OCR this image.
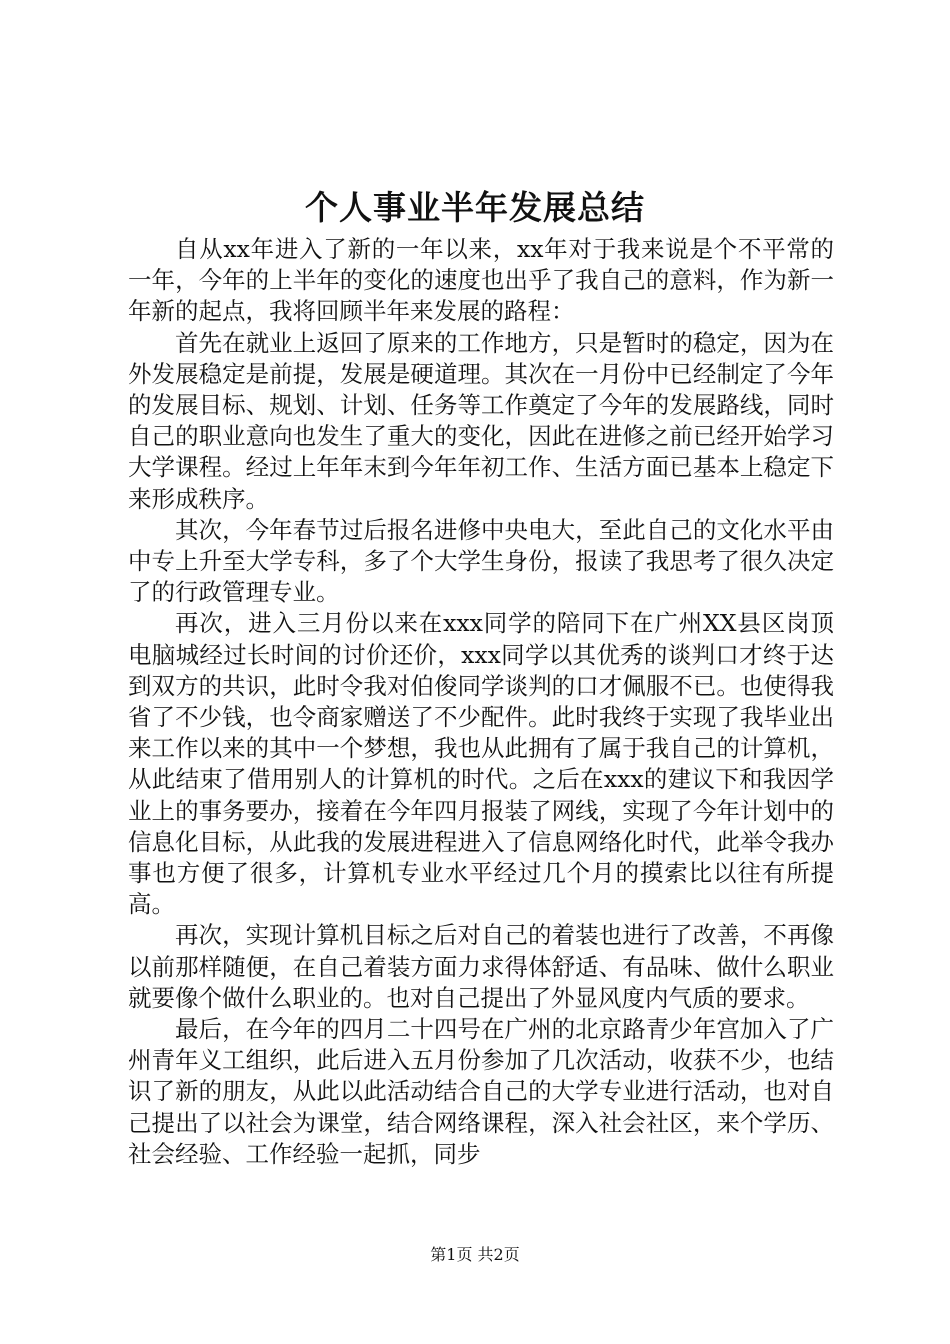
个人事业半年发展总结

自从xx年进入了新的一年以来，xx年对于我来说是个不平常的一年，今年的上半年的变化的速度也出乎了我自己的意料，作为新一年新的起点，我将回顾半年来发展的路程：

首先在就业上返回了原来的工作地方，只是暂时的稳定，因为在外发展稳定是前提，发展是硬道理。其次在一月份中已经制定了今年的发展目标、规划、计划、任务等工作奠定了今年的发展路线，同时自己的职业意向也发生了重大的变化，因此在进修之前已经开始学习大学课程。经过上年年末到今年年初工作、生活方面已基本上稳定下来形成秩序。

其次，今年春节过后报名进修中央电大，至此自己的文化水平由中专上升至大学专科，多了个大学生身份，报读了我思考了很久决定了的行政管理专业。

再次，进入三月份以来在xxx同学的陪同下在广州XX县区岗顶电脑城经过长时间的讨价还价，xxx同学以其优秀的谈判口才终于达到双方的共识，此时令我对伯俊同学谈判的口才佩服不已。也使得我省了不少钱，也令商家赠送了不少配件。此时我终于实现了我毕业出来工作以来的其中一个梦想，我也从此拥有了属于我自己的计算机，从此结束了借用别人的计算机的时代。之后在xxx的建议下和我因学业上的事务要办，接着在今年四月报装了网线，实现了今年计划中的信息化目标，从此我的发展进程进入了信息网络化时代，此举令我办事也方便了很多，计算机专业水平经过几个月的摸索比以往有所提高。

再次，实现计算机目标之后对自己的着装也进行了改善，不再像以前那样随便，在自己着装方面力求得体舒适、有品味、做什么职业就要像个做什么职业的。也对自己提出了外显风度内气质的要求。

最后，在今年的四月二十四号在广州的北京路青少年宫加入了广州青年义工组织，此后进入五月份参加了几次活动，收获不少，也结识了新的朋友，从此以此活动结合自己的大学专业进行活动，也对自己提出了以社会为课堂，结合网络课程，深入社会社区，来个学历、社会经验、工作经验一起抓，同步

第1页 共2页
